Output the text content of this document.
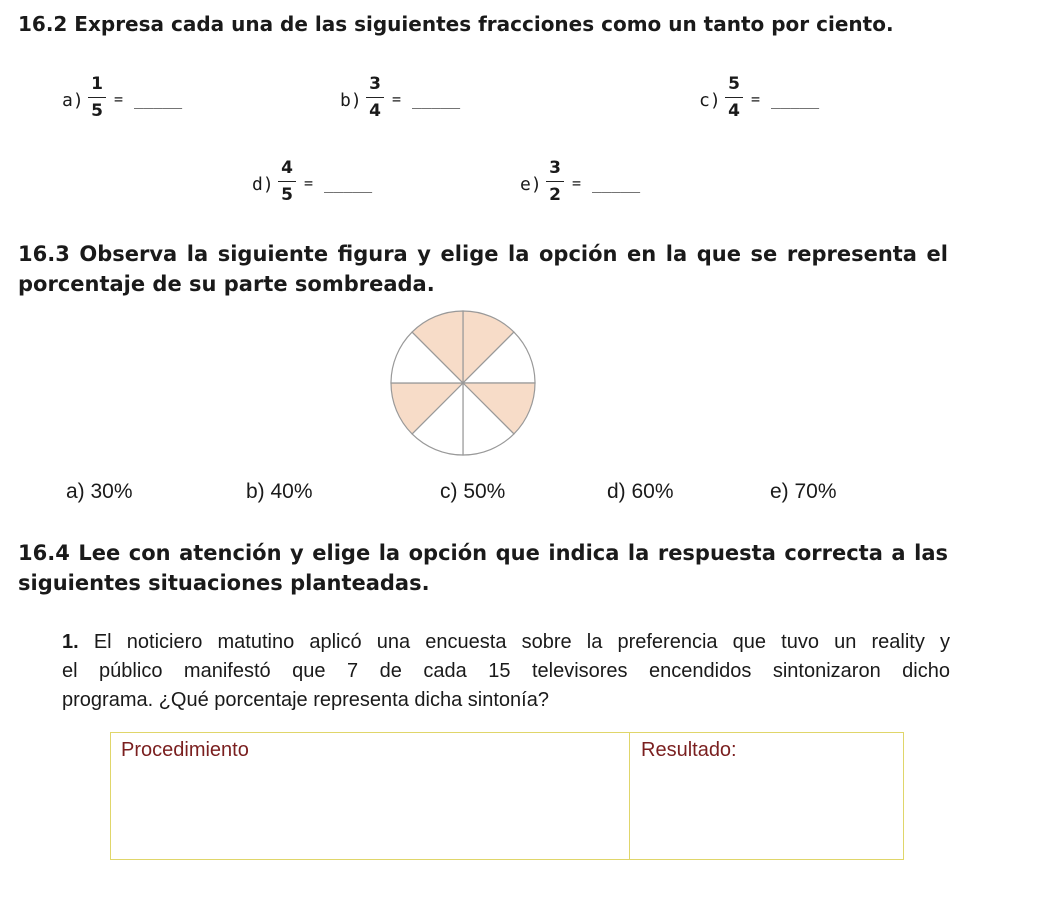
16.2 Expresa cada una de las siguientes fracciones como un tanto por ciento.
a)
1
5
= _____	b)
3
4
= _____	c)
5
4
= _____
d)
4
5
= _____	e)
3
2
= _____
16.3 Observa la siguiente figura y elige la opción en la que se representa el
porcentaje de su parte sombreada.
a) 30%	b) 40%	c) 50%	d) 60%	e) 70%
16.4 Lee con atención y elige la opción que indica la respuesta correcta a las
siguientes situaciones planteadas.
1. El noticiero matutino aplicó una encuesta sobre la preferencia que tuvo un reality y
el público manifestó que 7 de cada 15 televisores encendidos sintonizaron dicho
programa. ¿Qué porcentaje representa dicha sintonía?
Procedimiento	Resultado:
